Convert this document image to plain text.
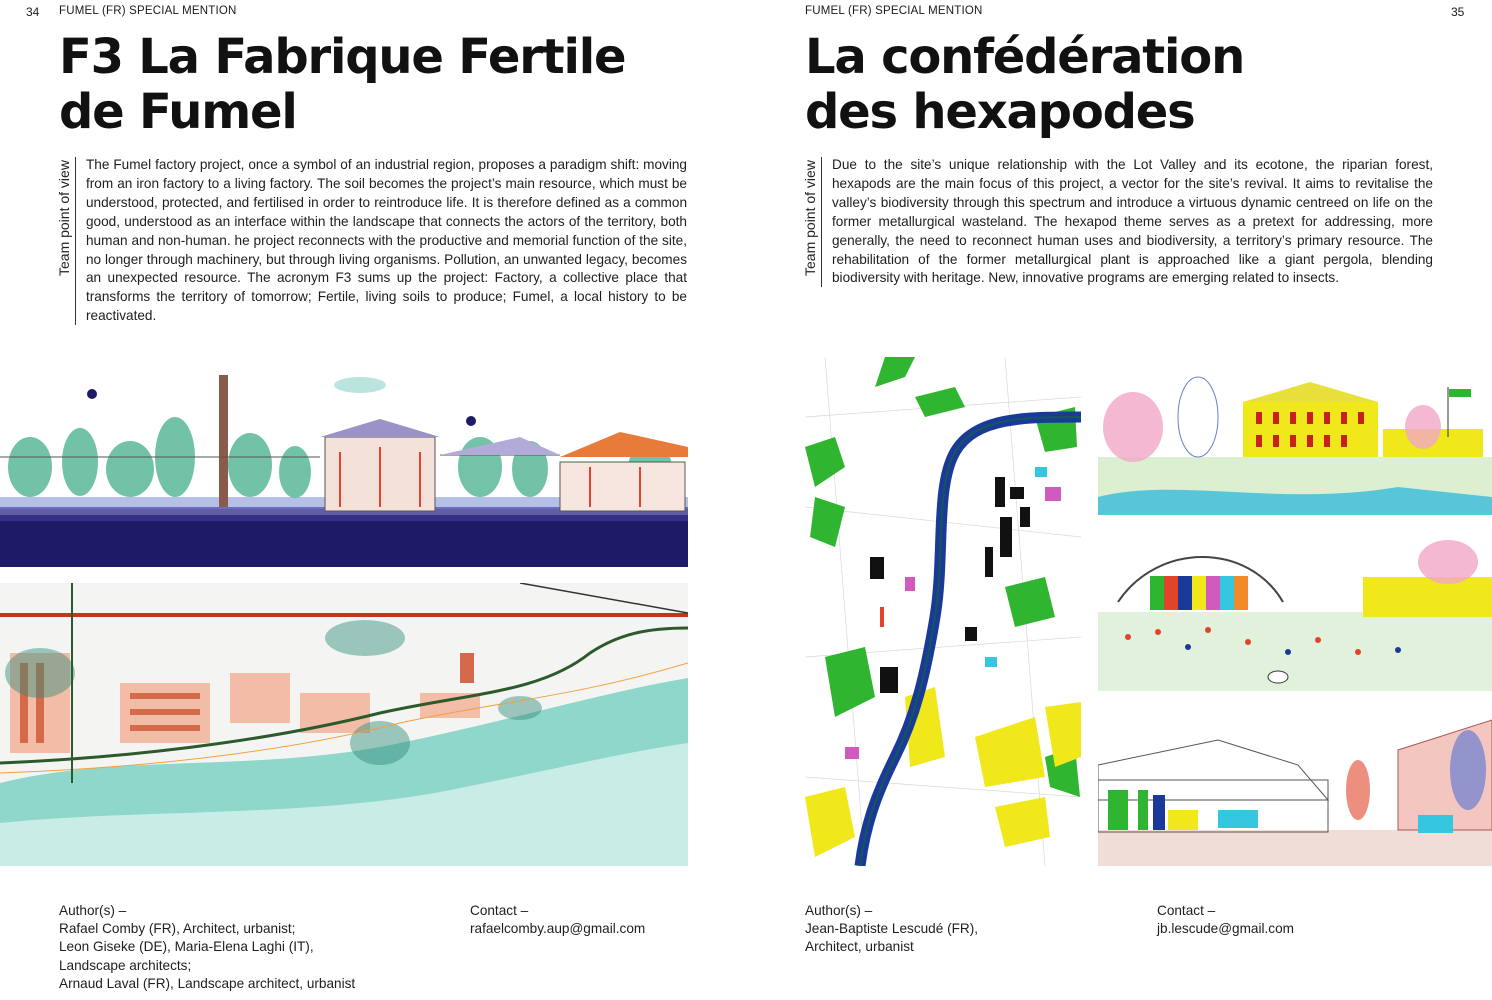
34 FUMEL (FR) SPECIAL MENTION
F3 La Fabrique Fertile
de Fumel
Team point of view The Fumel factory project, once a symbol of an industrial region, proposes a paradigm shift: moving from an iron factory to a living factory. The soil becomes the project’s main resource, which must be understood, protected, and fertilised in order to reintroduce life. It is therefore defined as a common good, understood as an interface within the landscape that connects the actors of the territory, both human and non-human. he project reconnects with the productive and memorial function of the site, no longer through machinery, but through living organisms. Pollution, an unwanted legacy, becomes an unexpected resource. The acronym F3 sums up the project: Factory, a collective place that transforms the territory of tomorrow; Fertile, living soils to produce; Fumel, a local history to be reactivated.
Author(s) –
Rafael Comby (FR), Architect, urbanist;
Leon Giseke (DE), Maria-Elena Laghi (IT),
Landscape architects;
Arnaud Laval (FR), Landscape architect, urbanist
Contact –
rafaelcomby.aup@gmail.com
FUMEL (FR) SPECIAL MENTION	35
La confédération
des hexapodes
Team point of view Due to the site’s unique relationship with the Lot Valley and its ecotone, the riparian forest, hexapods are the main focus of this project, a vector for the site’s revival. It aims to revitalise the valley’s biodiversity through this spectrum and introduce a virtuous dynamic centreed on life on the former metallurgical wasteland. The hexapod theme serves as a pretext for addressing, more generally, the need to reconnect human uses and biodiversity, a territory’s primary resource. The rehabilitation of the former metallurgical plant is approached like a giant pergola, blending biodiversity with heritage. New, innovative programs are emerging related to insects.
Author(s) –
Jean-Baptiste Lescudé (FR),
Architect, urbanist
Contact –
jb.lescude@gmail.com
